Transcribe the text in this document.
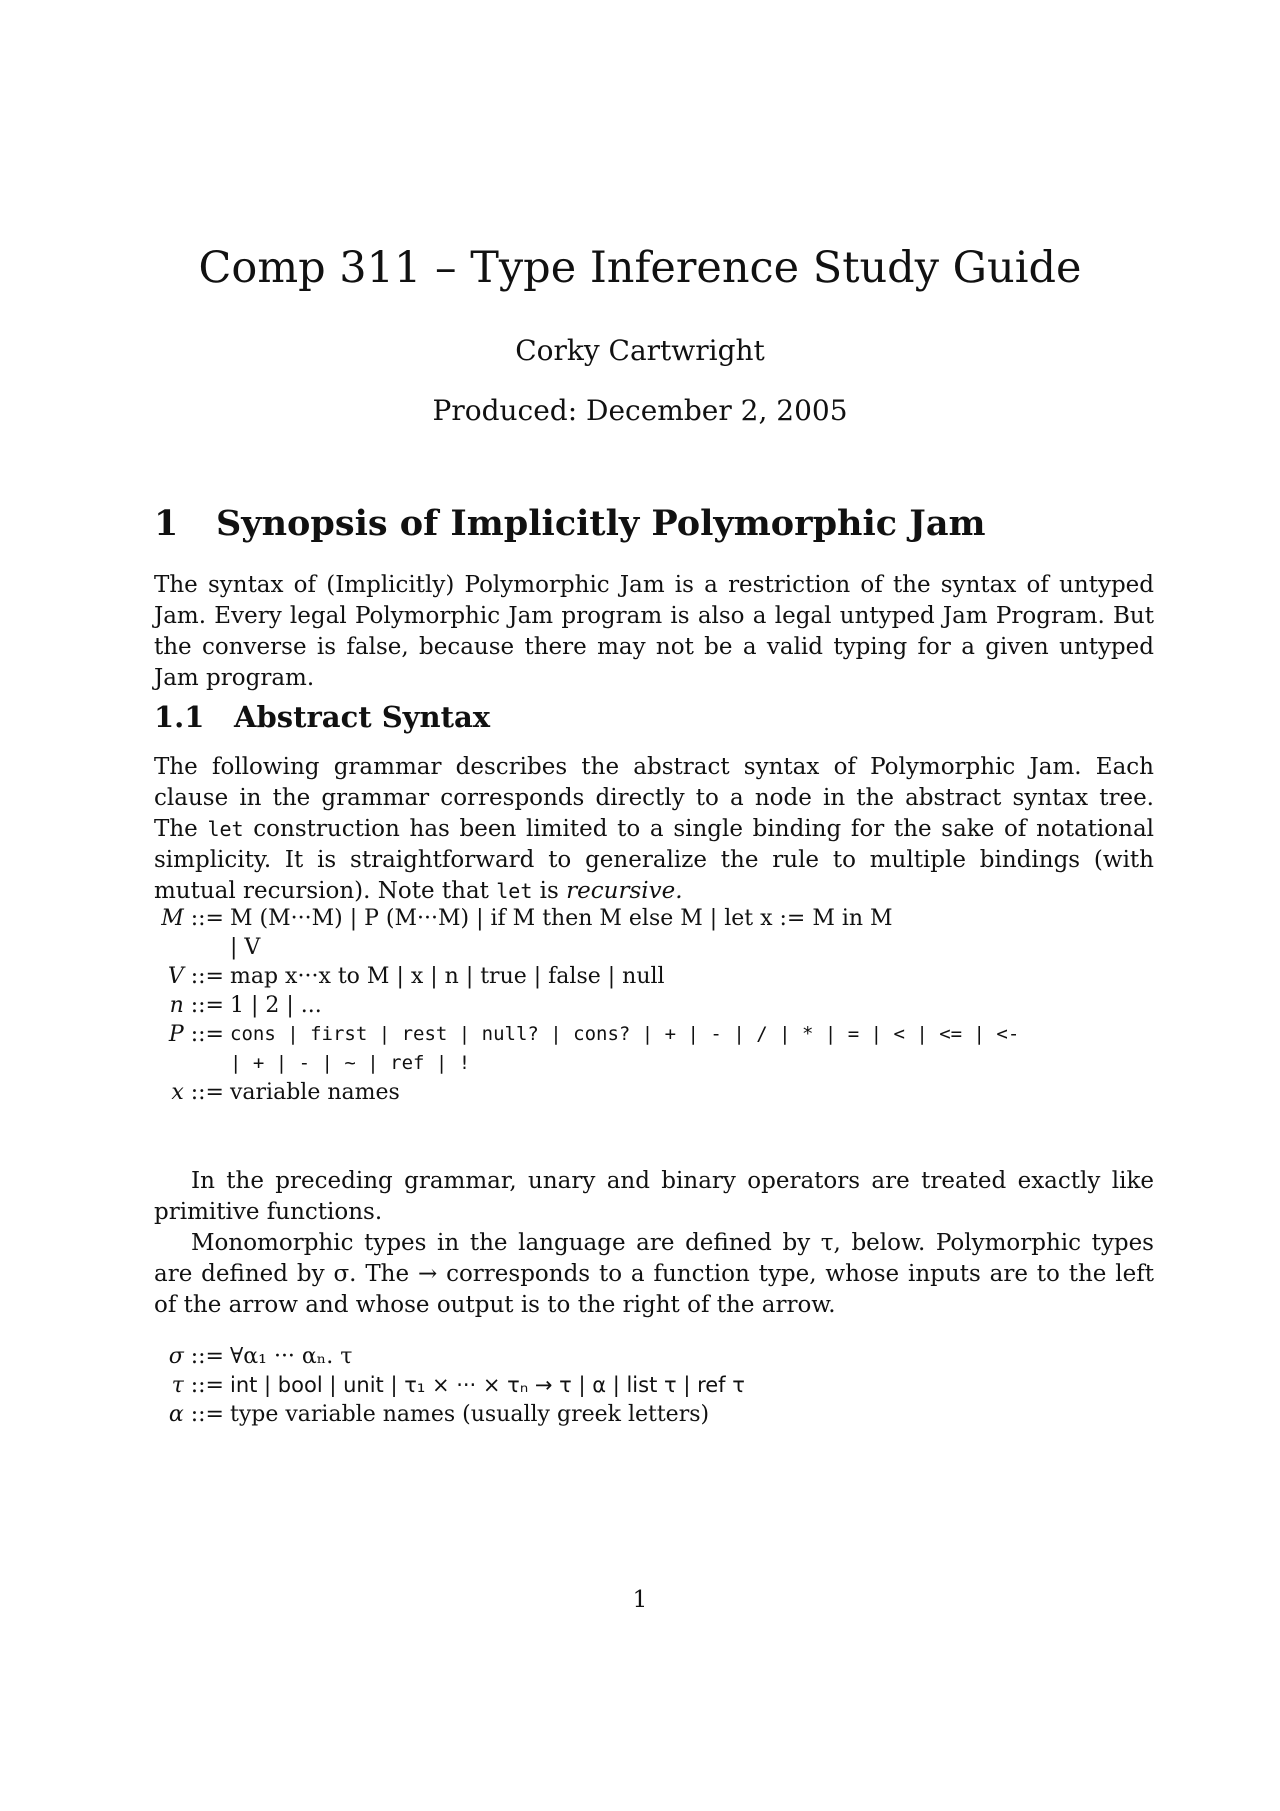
Comp 311 – Type Inference Study Guide
Corky Cartwright
Produced: December 2, 2005
1 Synopsis of Implicitly Polymorphic Jam

The syntax of (Implicitly) Polymorphic Jam is a restriction of the syntax of untyped Jam. Every legal Polymorphic Jam program is also a legal untyped Jam Program. But the converse is false, because there may not be a valid typing for a given untyped Jam program.

1.1 Abstract Syntax

The following grammar describes the abstract syntax of Polymorphic Jam. Each clause in the grammar corresponds directly to a node in the abstract syntax tree. The let construction has been limited to a single binding for the sake of notational simplicity. It is straightforward to generalize the rule to multiple bindings (with mutual recursion). Note that let is recursive.

M ::= M (M···M) | P (M···M) | if M then M else M | let x := M in M
| V
V ::= map x···x to M | x | n | true | false | null
n ::= 1 | 2 | ...
P ::= cons | first | rest | null? | cons? | + | - | / | * | = | < | <= | <-
| + | - | ~ | ref | !
x ::= variable names

In the preceding grammar, unary and binary operators are treated exactly like primitive functions.

Monomorphic types in the language are defined by τ, below. Polymorphic types are defined by σ. The → corresponds to a function type, whose inputs are to the left of the arrow and whose output is to the right of the arrow.

σ ::= ∀α₁ ··· αₙ. τ
τ ::= int | bool | unit | τ₁ × ··· × τₙ → τ | α | list τ | ref τ
α ::= type variable names (usually greek letters)
1
